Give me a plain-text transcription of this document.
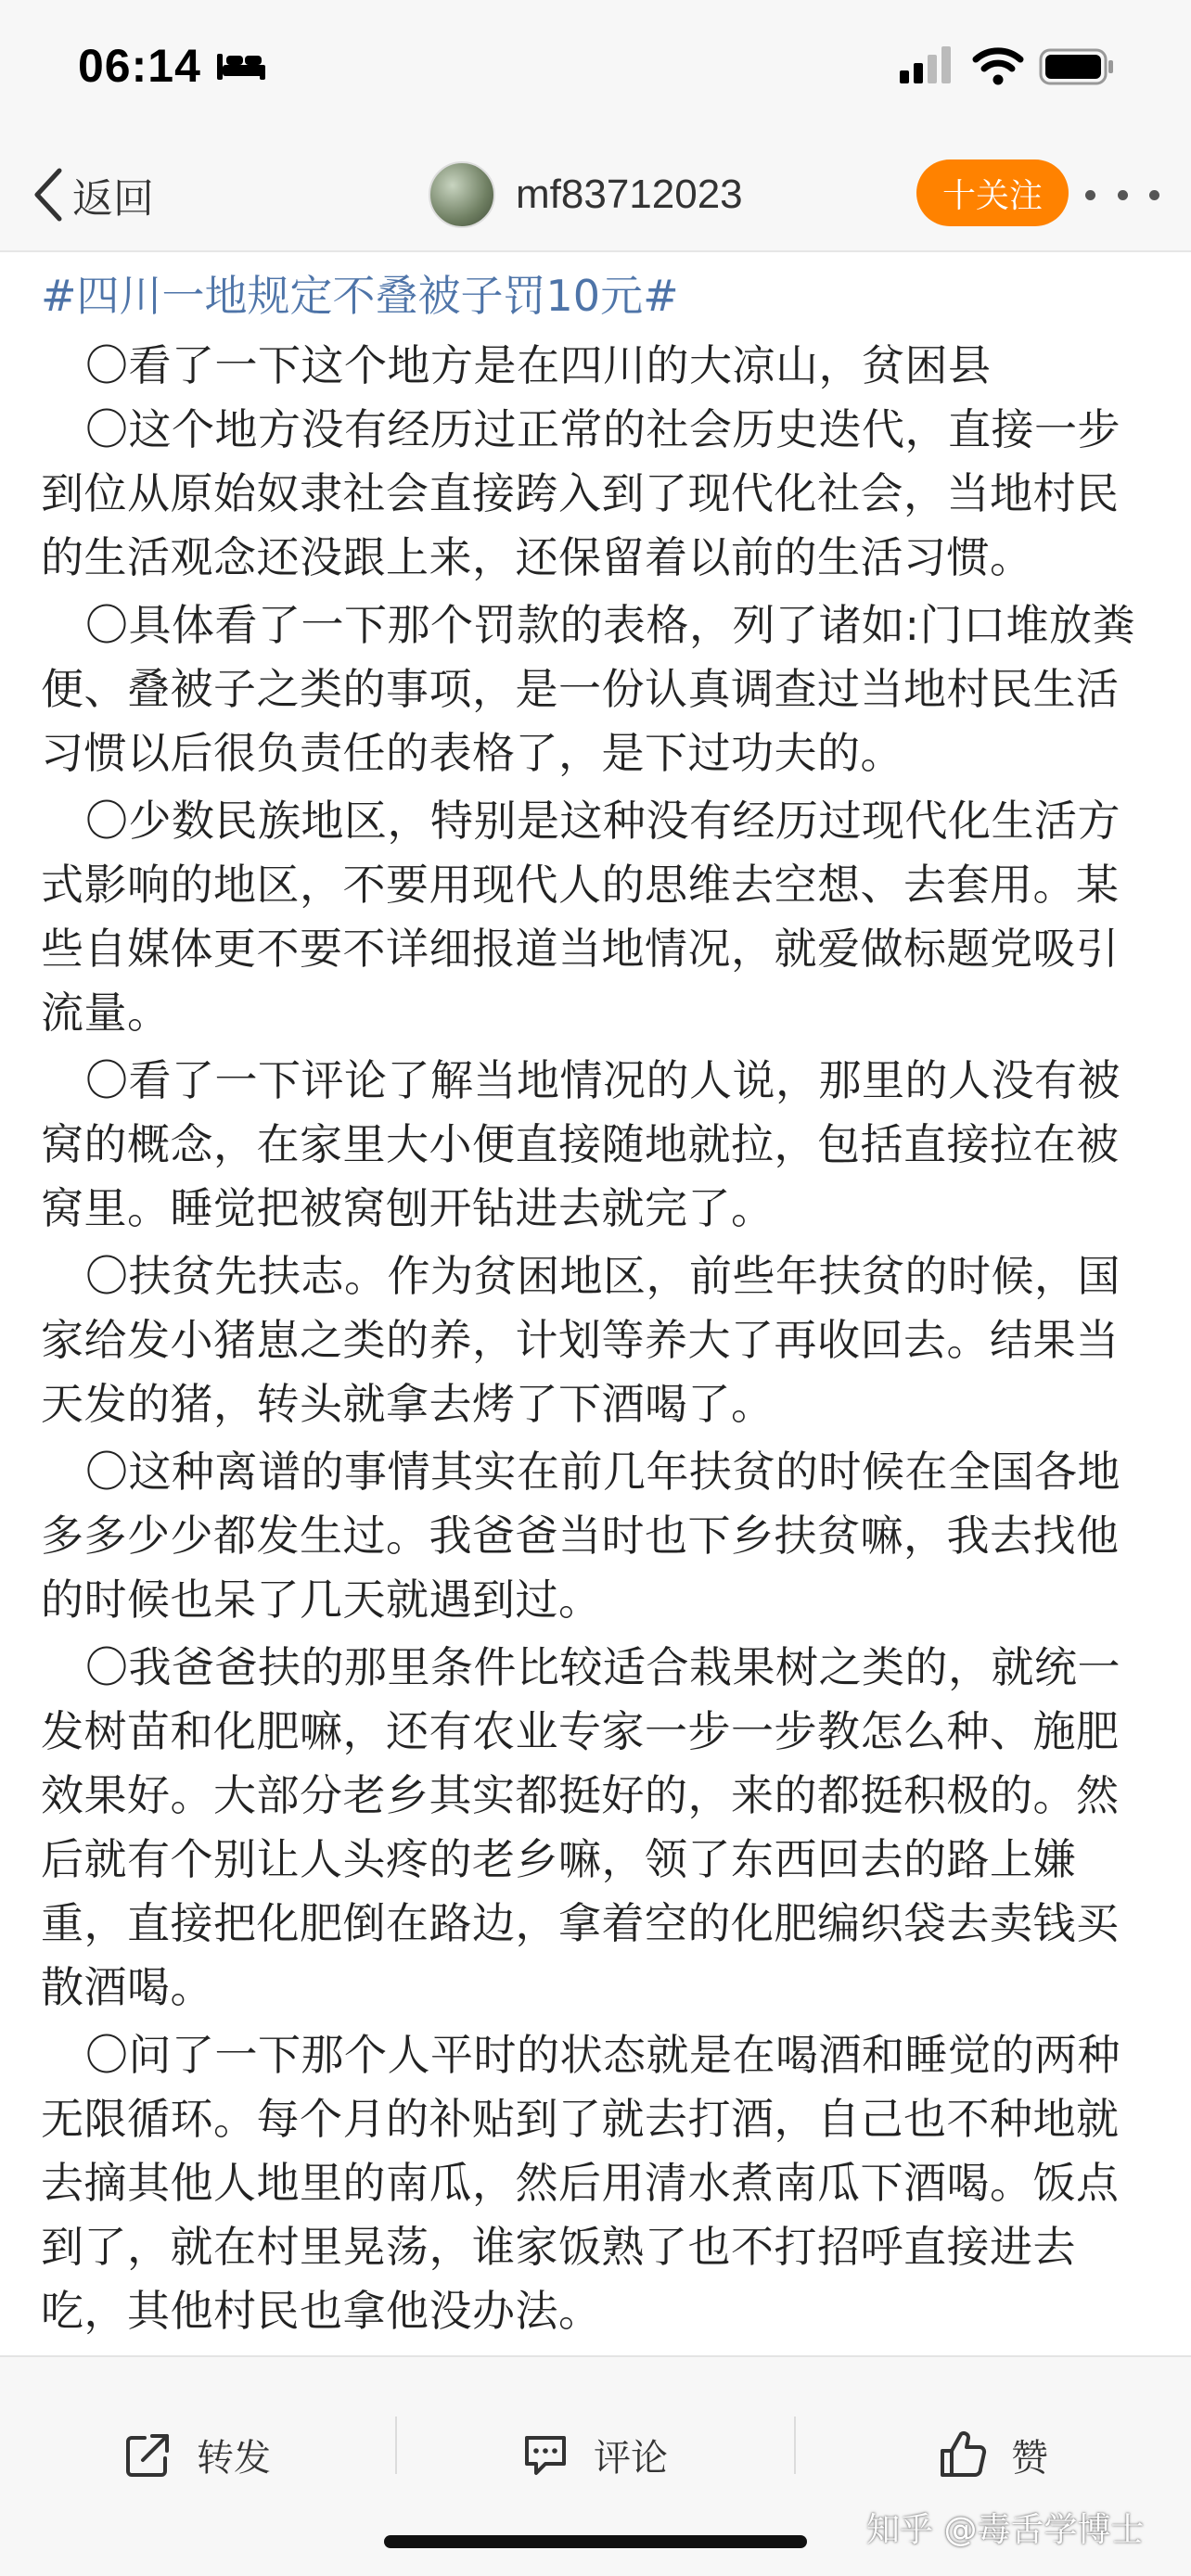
06:14
返回	mf83712023	十关注
#四川一地规定不叠被子罚10元#

〇看了一下这个地方是在四川的大凉山，贫困县

〇这个地方没有经历过正常的社会历史迭代，直接一步到位从原始奴隶社会直接跨入到了现代化社会，当地村民的生活观念还没跟上来，还保留着以前的生活习惯。

〇具体看了一下那个罚款的表格，列了诸如:门口堆放粪便、叠被子之类的事项，是一份认真调查过当地村民生活习惯以后很负责任的表格了，是下过功夫的。

〇少数民族地区，特别是这种没有经历过现代化生活方式影响的地区，不要用现代人的思维去空想、去套用。某些自媒体更不要不详细报道当地情况，就爱做标题党吸引流量。

〇看了一下评论了解当地情况的人说，那里的人没有被窝的概念，在家里大小便直接随地就拉，包括直接拉在被窝里。睡觉把被窝刨开钻进去就完了。

〇扶贫先扶志。作为贫困地区，前些年扶贫的时候，国家给发小猪崽之类的养，计划等养大了再收回去。结果当天发的猪，转头就拿去烤了下酒喝了。

〇这种离谱的事情其实在前几年扶贫的时候在全国各地多多少少都发生过。我爸爸当时也下乡扶贫嘛，我去找他的时候也呆了几天就遇到过。

〇我爸爸扶的那里条件比较适合栽果树之类的，就统一发树苗和化肥嘛，还有农业专家一步一步教怎么种、施肥效果好。大部分老乡其实都挺好的，来的都挺积极的。然后就有个别让人头疼的老乡嘛，领了东西回去的路上嫌重，直接把化肥倒在路边，拿着空的化肥编织袋去卖钱买散酒喝。

〇问了一下那个人平时的状态就是在喝酒和睡觉的两种无限循环。每个月的补贴到了就去打酒，自己也不种地就去摘其他人地里的南瓜，然后用清水煮南瓜下酒喝。饭点到了，就在村里晃荡，谁家饭熟了也不打招呼直接进去吃，其他村民也拿他没办法。

转发	评论	赞
知乎 @毒舌学博士
